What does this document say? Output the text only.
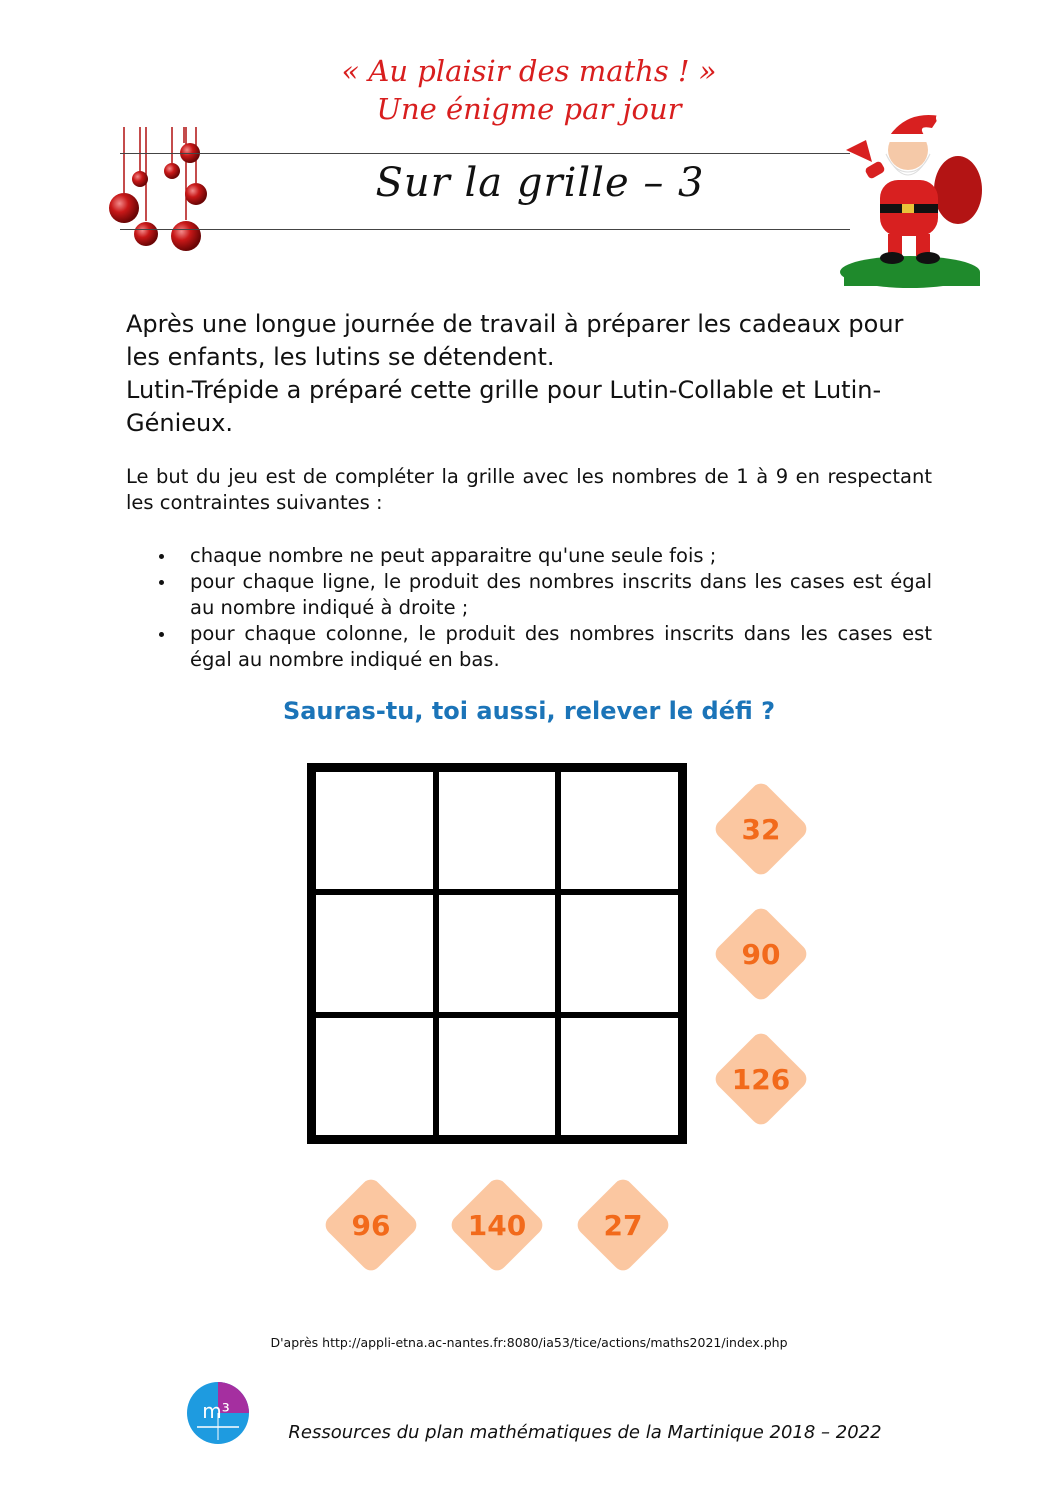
« Au plaisir des maths ! »
Une énigme par jour
Sur la grille – 3

Après une longue journée de travail à préparer les cadeaux pour les enfants, les lutins se détendent.

Lutin-Trépide a préparé cette grille pour Lutin-Collable et Lutin-Génieux.

Le but du jeu est de compléter la grille avec les nombres de 1 à 9 en respectant les contraintes suivantes :

chaque nombre ne peut apparaitre qu'une seule fois ;
pour chaque ligne, le produit des nombres inscrits dans les cases est égal au nombre indiqué à droite ;
pour chaque colonne, le produit des nombres inscrits dans les cases est égal au nombre indiqué en bas.
Sauras-tu, toi aussi, relever le défi ?
32
90
126
96	140	27
D'après http://appli-etna.ac-nantes.fr:8080/ia53/tice/actions/maths2021/index.php
m³
Ressources du plan mathématiques de la Martinique 2018 – 2022
